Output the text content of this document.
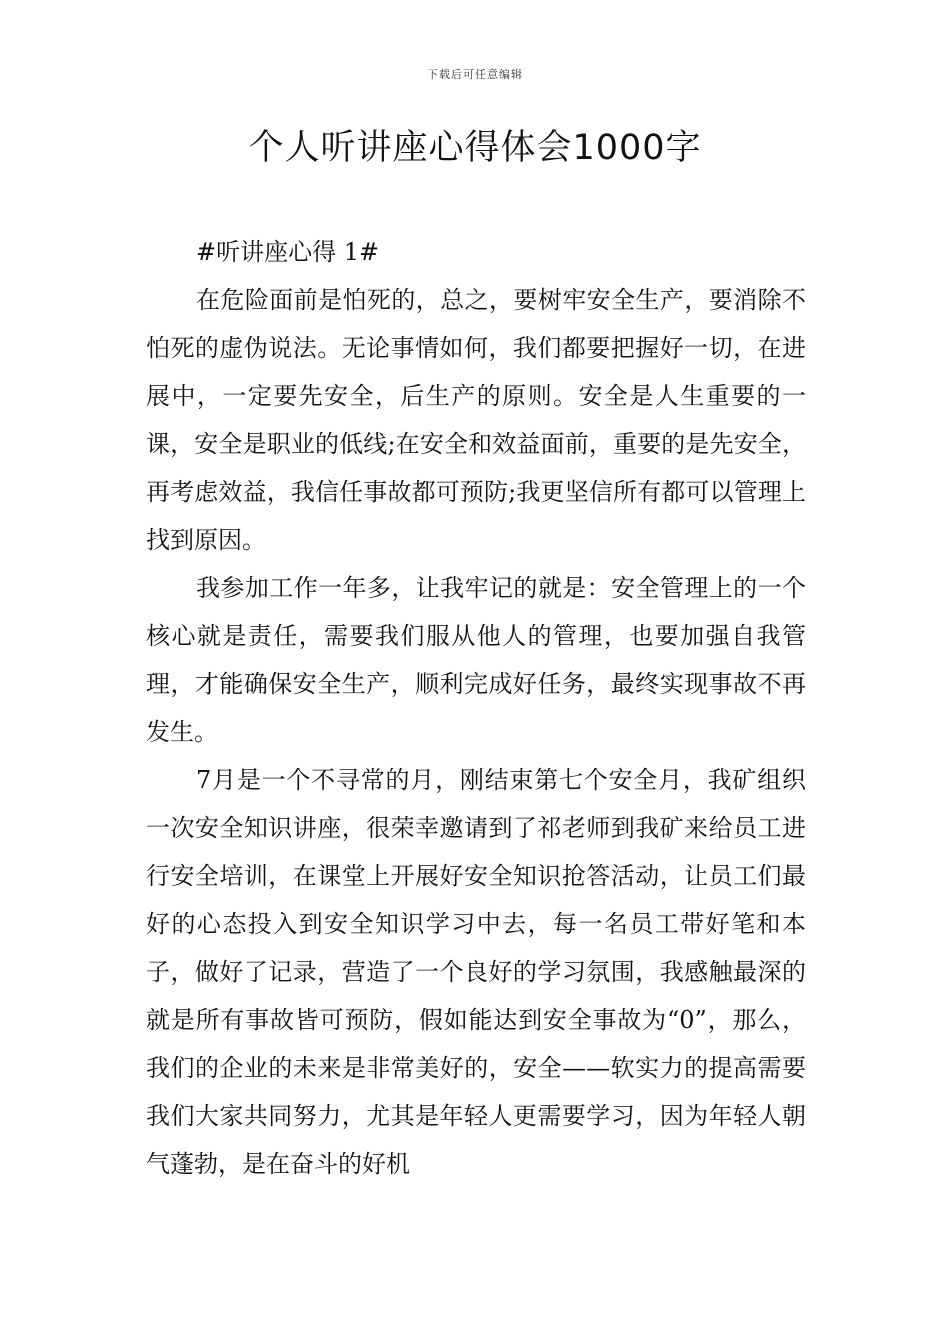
下载后可任意编辑
个人听讲座心得体会1000字

#听讲座心得 1#

在危险面前是怕死的，总之，要树牢安全生产，要消除不怕死的虚伪说法。无论事情如何，我们都要把握好一切，在进展中，一定要先安全，后生产的原则。安全是人生重要的一课，安全是职业的低线;在安全和效益面前，重要的是先安全，再考虑效益，我信任事故都可预防;我更坚信所有都可以管理上找到原因。

我参加工作一年多，让我牢记的就是：安全管理上的一个核心就是责任，需要我们服从他人的管理，也要加强自我管理，才能确保安全生产，顺利完成好任务，最终实现事故不再发生。

7月是一个不寻常的月，刚结束第七个安全月，我矿组织一次安全知识讲座，很荣幸邀请到了祁老师到我矿来给员工进行安全培训，在课堂上开展好安全知识抢答活动，让员工们最好的心态投入到安全知识学习中去，每一名员工带好笔和本子，做好了记录，营造了一个良好的学习氛围，我感触最深的就是所有事故皆可预防，假如能达到安全事故为“0”，那么，我们的企业的未来是非常美好的，安全——软实力的提高需要我们大家共同努力，尤其是年轻人更需要学习，因为年轻人朝气蓬勃，是在奋斗的好机
